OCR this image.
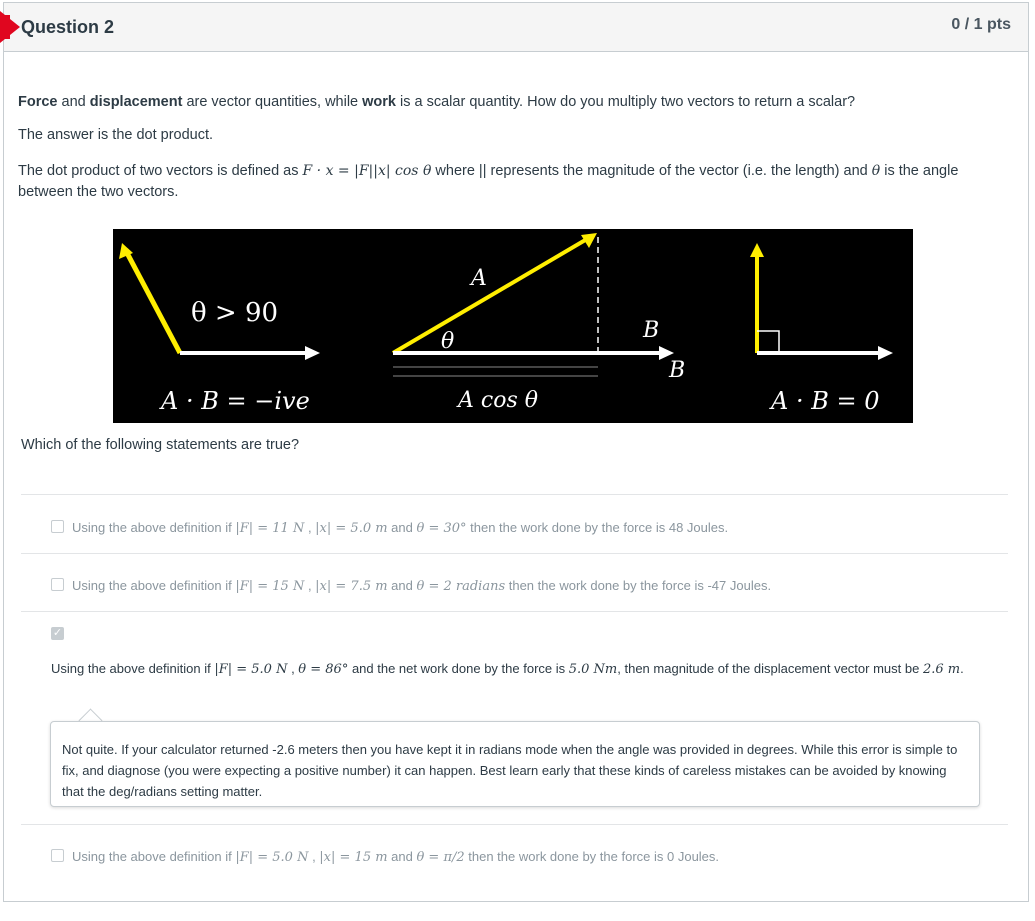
Question 2	0 / 1 pts

Force and displacement are vector quantities, while work is a scalar quantity. How do you multiply two vectors to return a scalar?

The answer is the dot product.

The dot product of two vectors is defined as F · x = |F||x| cos θ where || represents the magnitude of the vector (i.e. the length) and θ is the angle between the two vectors.

θ > 90
A · B = −ive
A
θ	B
B
A cos θ	A · B = 0
Which of the following statements are true?
Using the above definition if |F| = 11 N , |x| = 5.0 m and θ = 30° then the work done by the force is 48 Joules.
Using the above definition if |F| = 15 N , |x| = 7.5 m and θ = 2 radians then the work done by the force is -47 Joules.
✓
Using the above definition if |F| = 5.0 N , θ = 86° and the net work done by the force is 5.0 Nm, then magnitude of the displacement vector must be 2.6 m.
Not quite. If your calculator returned -2.6 meters then you have kept it in radians mode when the angle was provided in degrees. While this error is simple to fix, and diagnose (you were expecting a positive number) it can happen. Best learn early that these kinds of careless mistakes can be avoided by knowing that the deg/radians setting matter.
Using the above definition if |F| = 5.0 N , |x| = 15 m and θ = π/2 then the work done by the force is 0 Joules.
